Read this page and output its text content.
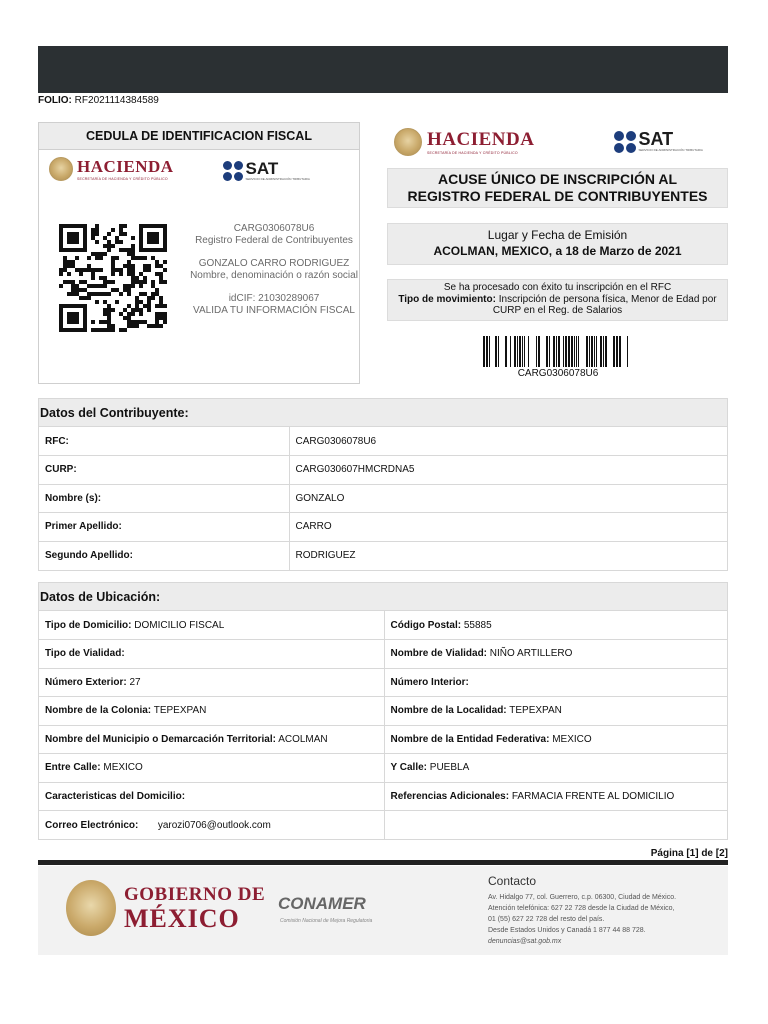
FOLIO: RF2021114384589
CEDULA DE IDENTIFICACION FISCAL
HACIENDA
SECRETARÍA DE HACIENDA Y CRÉDITO PÚBLICO
SAT
SERVICIO DE ADMINISTRACIÓN TRIBUTARIA
CARG0306078U6
Registro Federal de Contribuyentes
GONZALO CARRO RODRIGUEZ
Nombre, denominación o razón social
idCIF: 21030289067
VALIDA TU INFORMACIÓN FISCAL
HACIENDA
SECRETARÍA DE HACIENDA Y CRÉDITO PÚBLICO
SAT
SERVICIO DE ADMINISTRACIÓN TRIBUTARIA
ACUSE ÚNICO DE INSCRIPCIÓN AL
REGISTRO FEDERAL DE CONTRIBUYENTES
Lugar y Fecha de Emisión
ACOLMAN, MEXICO, a 18 de Marzo de 2021
Se ha procesado con éxito tu inscripción en el RFC
Tipo de movimiento: Inscripción de persona física, Menor de Edad por CURP en el Reg. de Salarios
CARG0306078U6
Datos del Contribuyente:
RFC:	CARG0306078U6
CURP:	CARG030607HMCRDNA5
Nombre (s):	GONZALO
Primer Apellido:	CARRO
Segundo Apellido:	RODRIGUEZ
Datos de Ubicación:
Tipo de Domicilio: DOMICILIO FISCAL	Código Postal: 55885
Tipo de Vialidad:	Nombre de Vialidad: NIÑO ARTILLERO
Número Exterior: 27	Número Interior:
Nombre de la Colonia: TEPEXPAN	Nombre de la Localidad: TEPEXPAN
Nombre del Municipio o Demarcación Territorial: ACOLMAN	Nombre de la Entidad Federativa: MEXICO
Entre Calle: MEXICO	Y Calle: PUEBLA
Caracteristicas del Domicilio:	Referencias Adicionales: FARMACIA FRENTE AL DOMICILIO
Correo Electrónico: yarozi0706@outlook.com	
Página [1] de [2]
GOBIERNO DE
MÉXICO
CONAMER
Comisión Nacional de Mejora Regulatoria
Contacto
Av. Hidalgo 77, col. Guerrero, c.p. 06300, Ciudad de México.
Atención telefónica: 627 22 728 desde la Ciudad de México,
01 (55) 627 22 728 del resto del país.
Desde Estados Unidos y Canadá 1 877 44 88 728.
denuncias@sat.gob.mx
